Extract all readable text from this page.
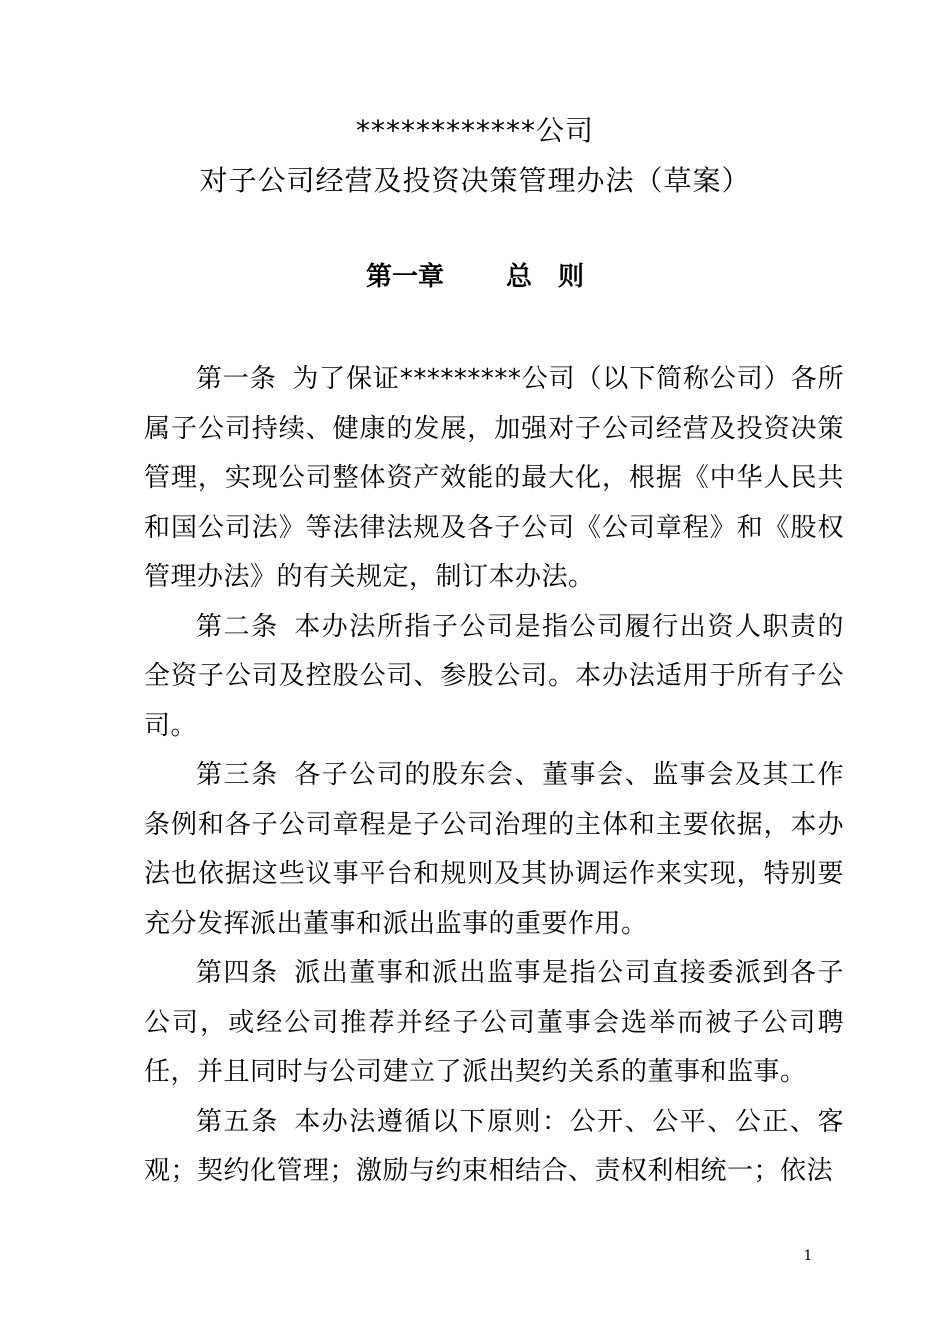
************公司
对子公司经营及投资决策管理办法（草案）
第一章 总 则

第一条 为了保证*********公司（以下简称公司）各所属子公司持续、健康的发展，加强对子公司经营及投资决策管理，实现公司整体资产效能的最大化，根据《中华人民共和国公司法》等法律法规及各子公司《公司章程》和《股权管理办法》的有关规定，制订本办法。

第二条 本办法所指子公司是指公司履行出资人职责的全资子公司及控股公司、参股公司。本办法适用于所有子公司。

第三条 各子公司的股东会、董事会、监事会及其工作条例和各子公司章程是子公司治理的主体和主要依据，本办法也依据这些议事平台和规则及其协调运作来实现，特别要充分发挥派出董事和派出监事的重要作用。

第四条 派出董事和派出监事是指公司直接委派到各子公司，或经公司推荐并经子公司董事会选举而被子公司聘任，并且同时与公司建立了派出契约关系的董事和监事。

第五条 本办法遵循以下原则：公开、公平、公正、客观；契约化管理；激励与约束相结合、责权利相统一；依法

1
